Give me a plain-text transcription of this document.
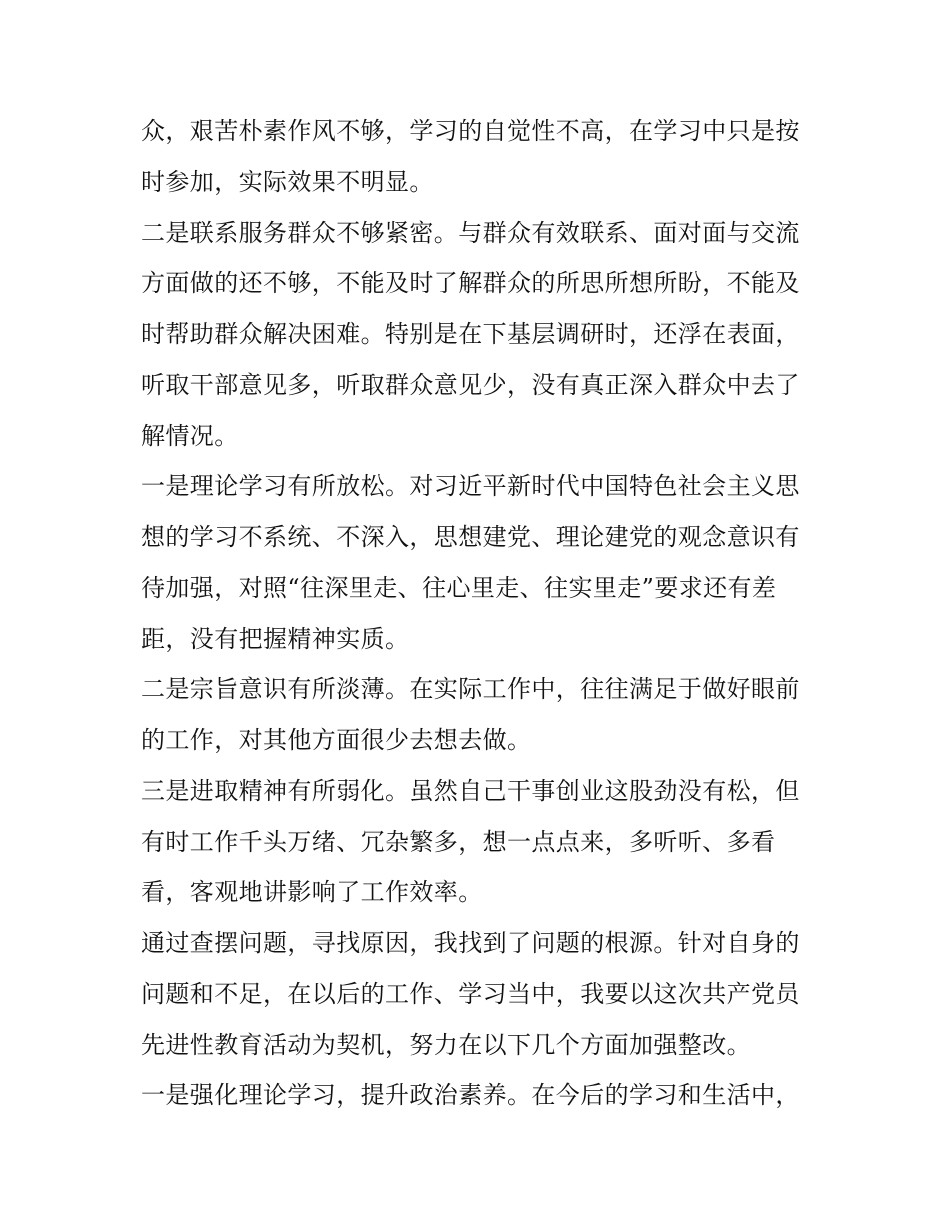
众，艰苦朴素作风不够，学习的自觉性不高，在学习中只是按
时参加，实际效果不明显。
二是联系服务群众不够紧密。与群众有效联系、面对面与交流
方面做的还不够，不能及时了解群众的所思所想所盼，不能及
时帮助群众解决困难。特别是在下基层调研时，还浮在表面，
听取干部意见多，听取群众意见少，没有真正深入群众中去了
解情况。
一是理论学习有所放松。对习近平新时代中国特色社会主义思
想的学习不系统、不深入，思想建党、理论建党的观念意识有
待加强，对照“往深里走、往心里走、往实里走”要求还有差
距，没有把握精神实质。
二是宗旨意识有所淡薄。在实际工作中，往往满足于做好眼前
的工作，对其他方面很少去想去做。
三是进取精神有所弱化。虽然自己干事创业这股劲没有松，但
有时工作千头万绪、冗杂繁多，想一点点来，多听听、多看
看，客观地讲影响了工作效率。
通过查摆问题，寻找原因，我找到了问题的根源。针对自身的
问题和不足，在以后的工作、学习当中，我要以这次共产党员
先进性教育活动为契机，努力在以下几个方面加强整改。
一是强化理论学习，提升政治素养。在今后的学习和生活中，
